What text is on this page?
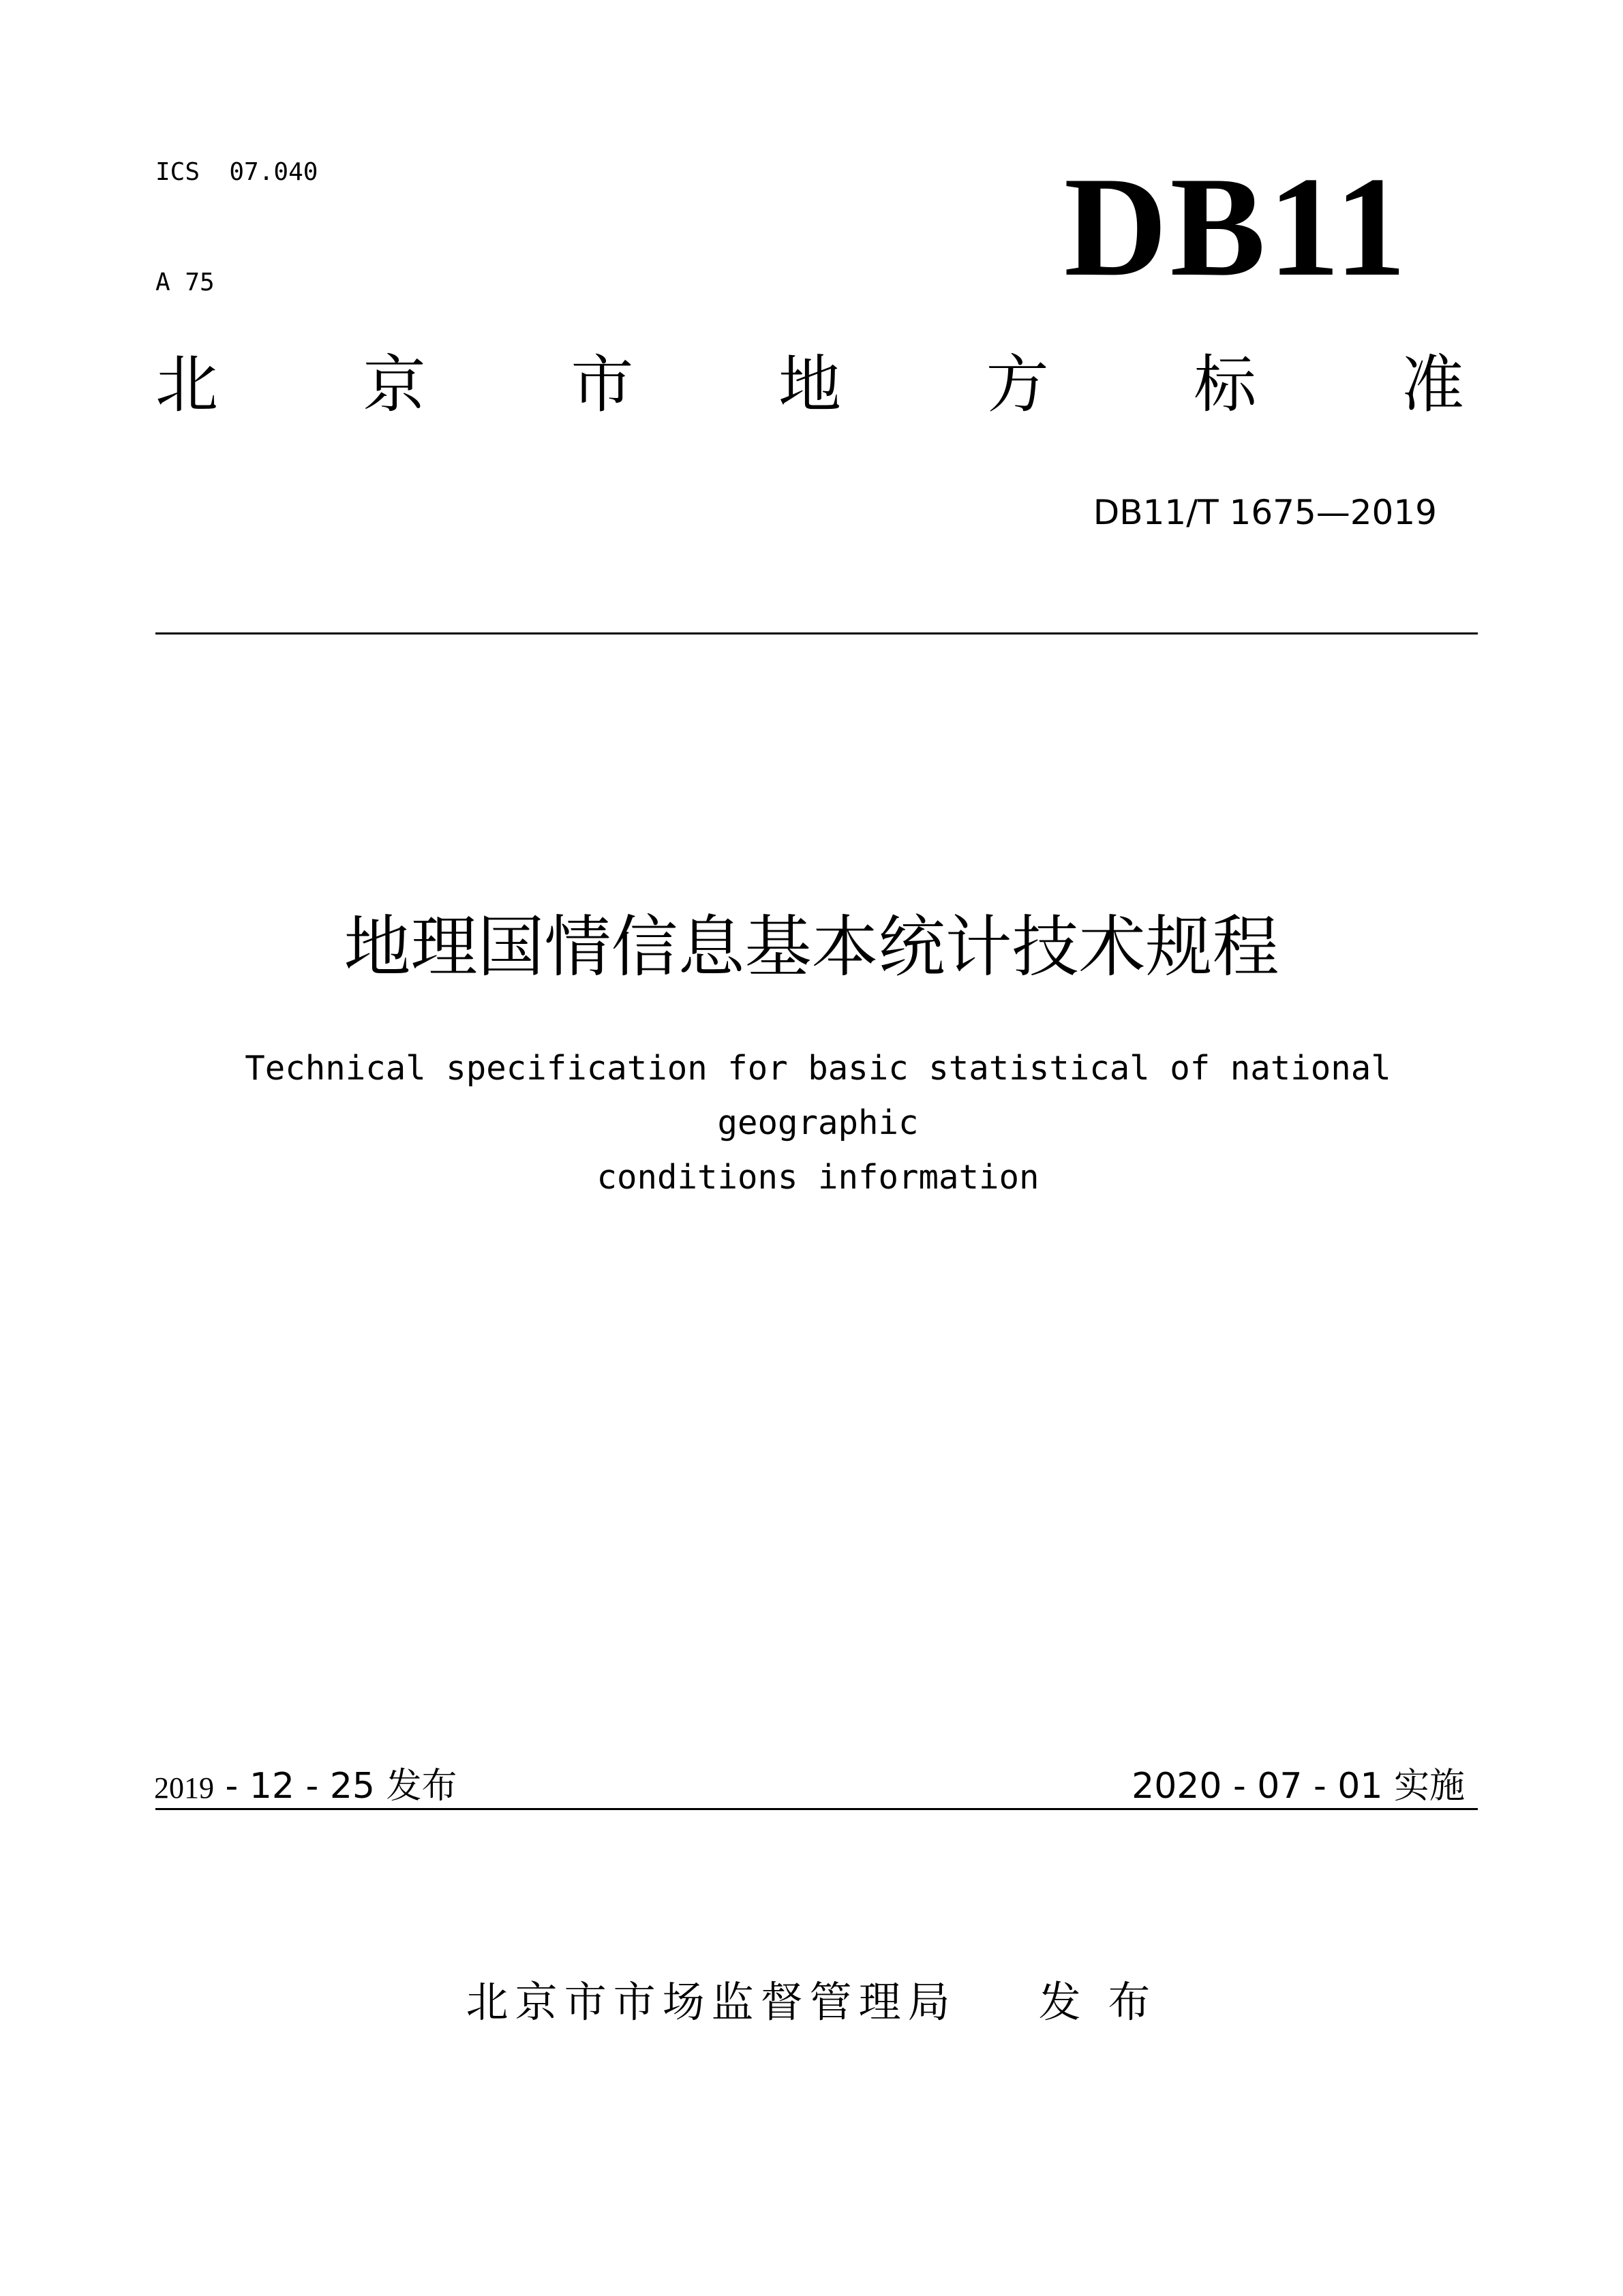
ICS  07.040

A 75	DB11
北 京 市 地 方 标 准
DB11/T 1675—2019
地理国情信息基本统计技术规程
Technical specification for basic statistical of national geographic
conditions information
2019 - 12 - 25 发布	2020 - 07 - 01 实施
北京市市场监督管理局 发 布
